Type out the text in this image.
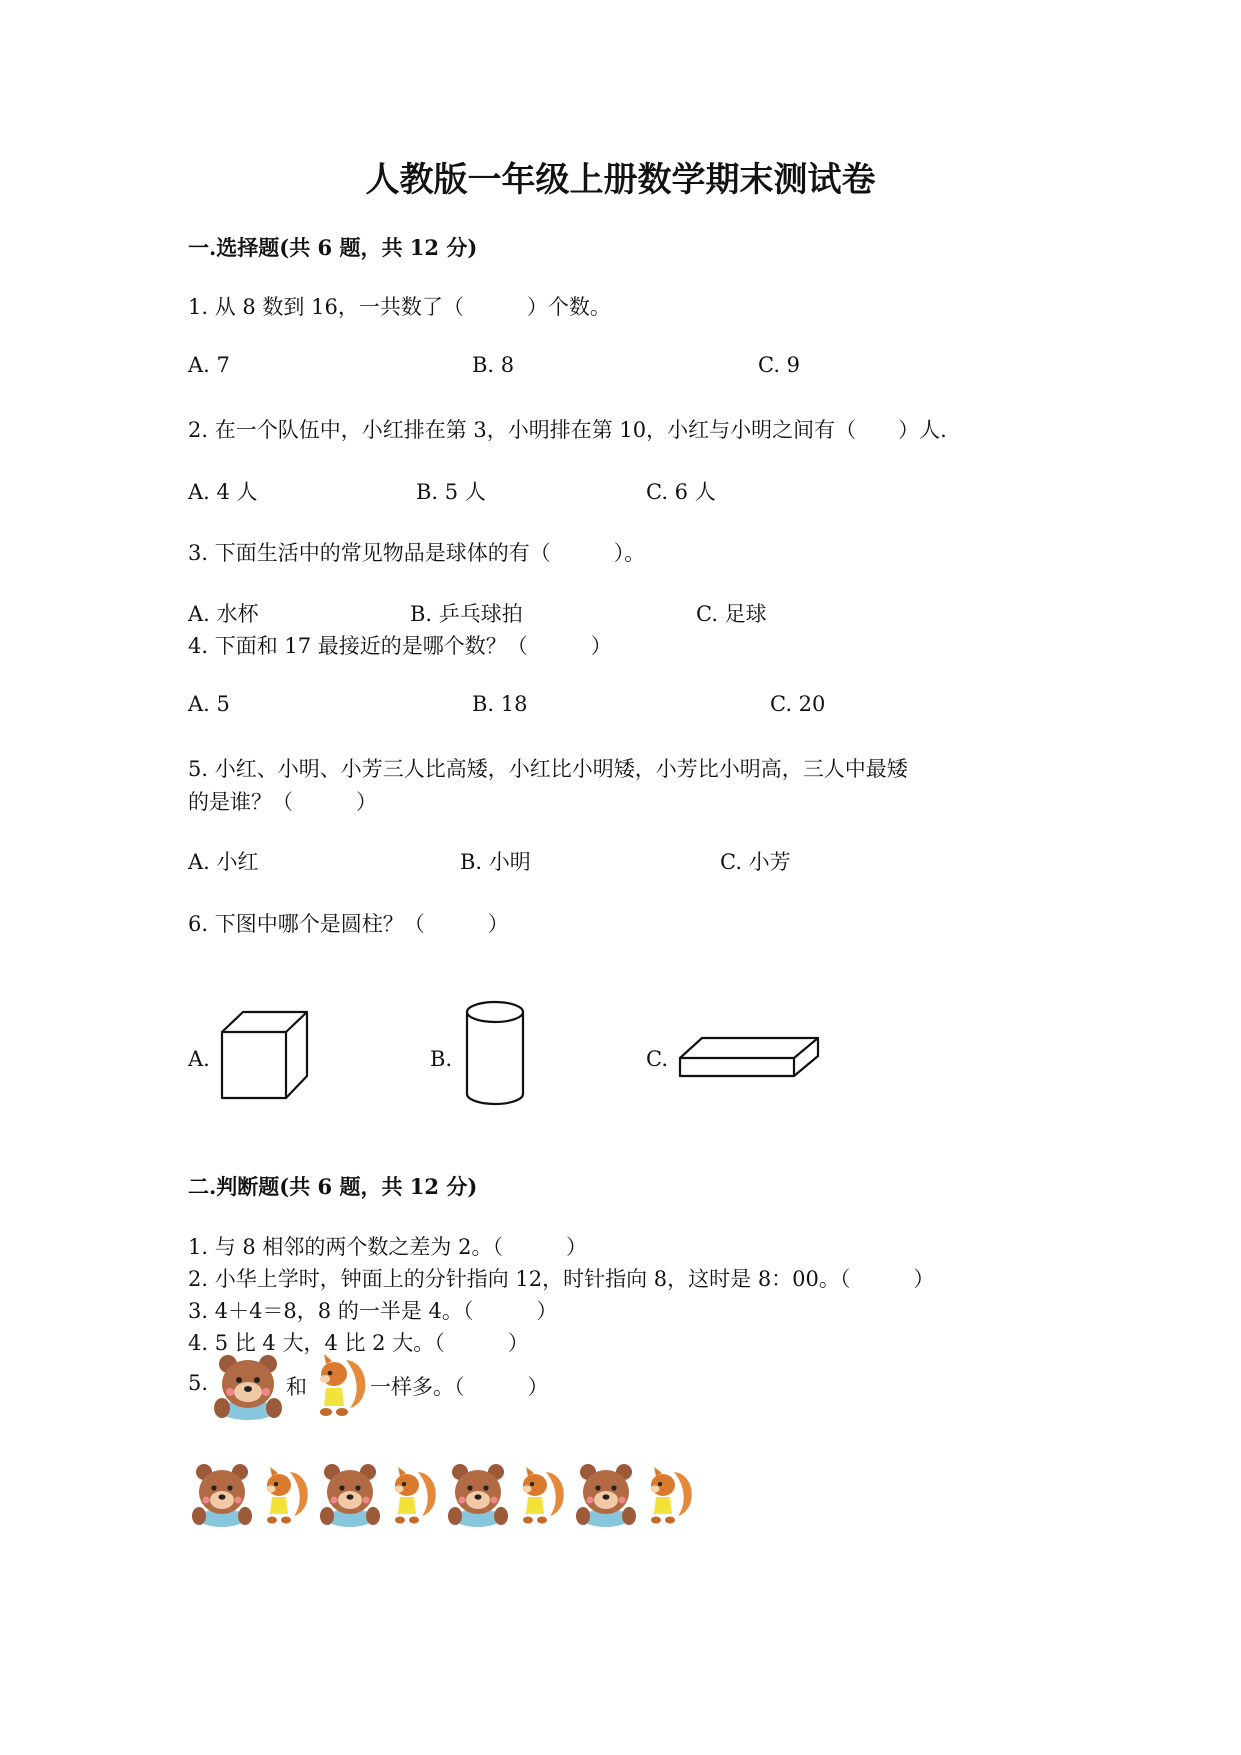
人教版一年级上册数学期末测试卷
一.选择题(共 6 题，共 12 分)
1. 从 8 数到 16，一共数了（　　　）个数。
A. 7	B. 8	C. 9
2. 在一个队伍中，小红排在第 3，小明排在第 10，小红与小明之间有（　　）人.
A. 4 人	B. 5 人	C. 6 人
3. 下面生活中的常见物品是球体的有（　　　）。
A. 水杯	B. 乒乓球拍	C. 足球
4. 下面和 17 最接近的是哪个数？（　　　）
A. 5	B. 18	C. 20
5. 小红、小明、小芳三人比高矮，小红比小明矮，小芳比小明高，三人中最矮
的是谁？（　　　）
A. 小红	B. 小明	C. 小芳
6. 下图中哪个是圆柱？（　　　）
A.	B.	C.
二.判断题(共 6 题，共 12 分)
1. 与 8 相邻的两个数之差为 2。（　　　）
2. 小华上学时，钟面上的分针指向 12，时针指向 8，这时是 8：00。（　　　）
3. 4＋4＝8，8 的一半是 4。（　　　）
4. 5 比 4 大，4 比 2 大。（　　　）
5.	和	一样多。（　　　）
